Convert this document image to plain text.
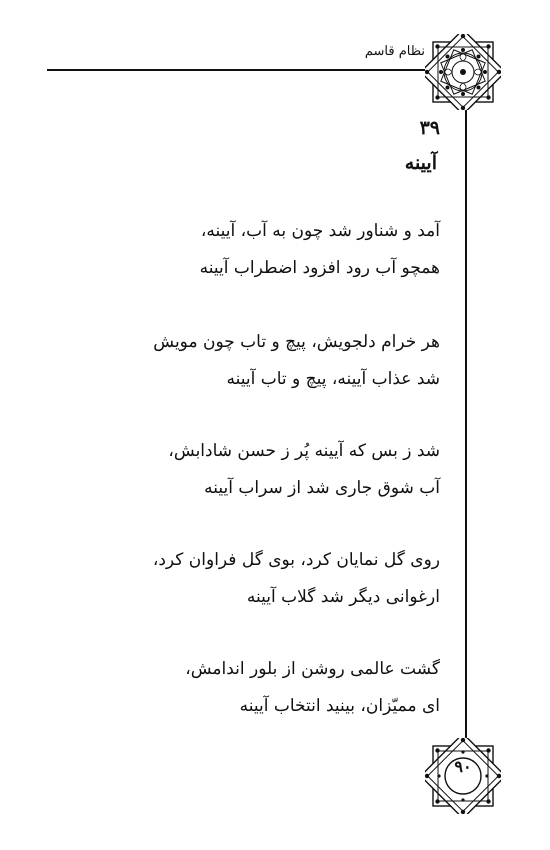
نظام قاسم
۳۹
آیینه
آمد و شناور شد چون به آب، آیینه،
همچو آب رود افزود اضطراب آیینه
هر خرام دلجویش، پیچ و تاب چون مویش
شد عذاب آیینه، پیچ و تاب آیینه
شد ز بس که آیینه پُر ز حسن شادابش،
آب شوق جاری شد از سراب آیینه
روی گل نمایان کرد، بوی گل فراوان کرد،
ارغوانی دیگر شد گلاب آیینه
گشت عالمی روشن از بلور اندامش،
ای ممیّزان، بینید انتخاب آیینه
۹۰
